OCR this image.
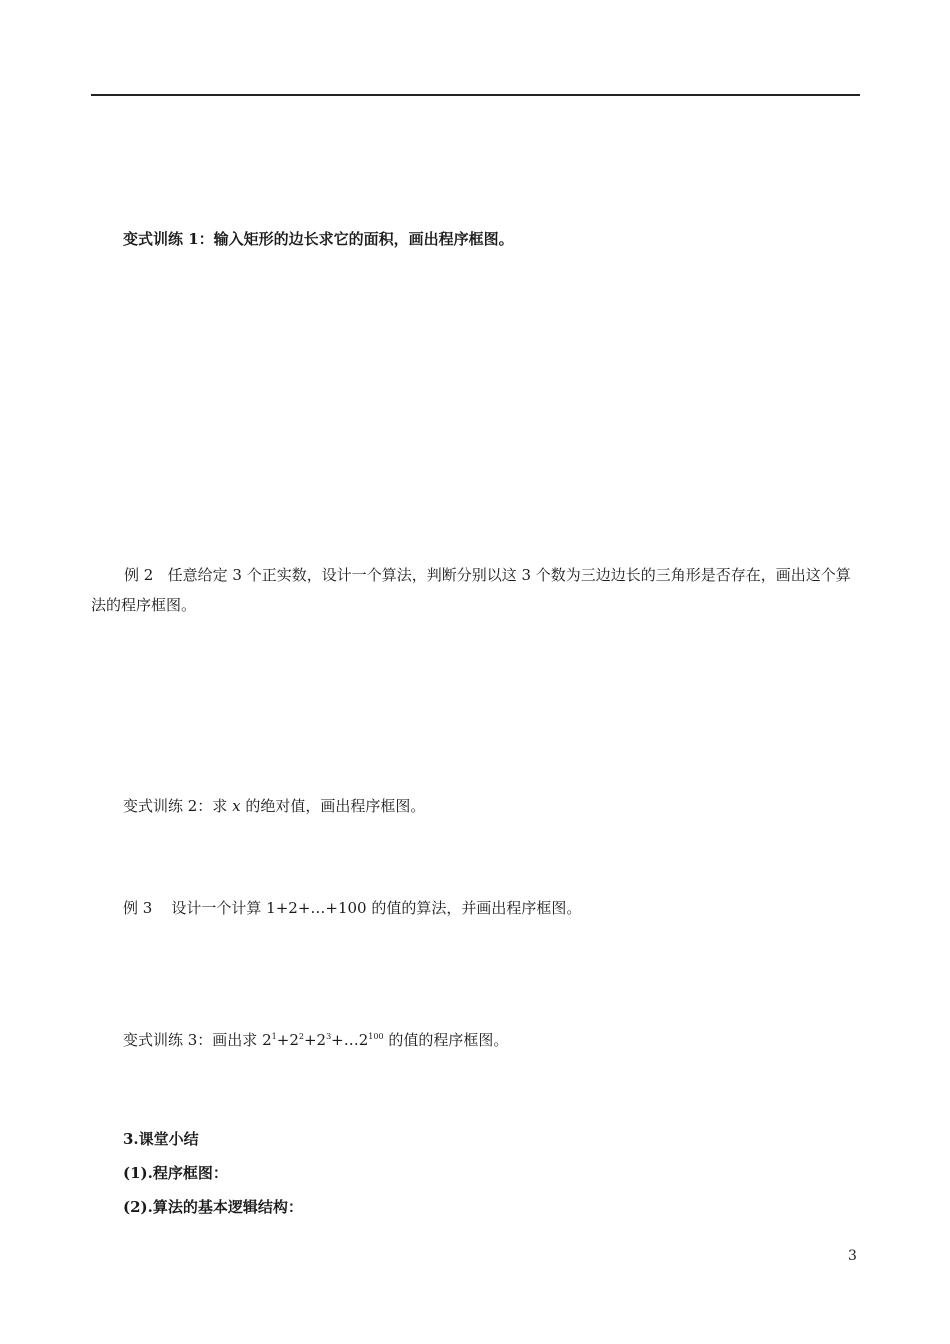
变式训练 1：输入矩形的边长求它的面积，画出程序框图。
例 2 任意给定 3 个正实数，设计一个算法，判断分别以这 3 个数为三边边长的三角形是否存在，画出这个算法的程序框图。
变式训练 2：求 x 的绝对值，画出程序框图。
例 3 设计一个计算 1+2+…+100 的值的算法，并画出程序框图。
变式训练 3：画出求 $2^1+2^2+2^3+\dots 2^{100}$ 的值的程序框图。
3.课堂小结
(1).程序框图：
(2).算法的基本逻辑结构：
3
